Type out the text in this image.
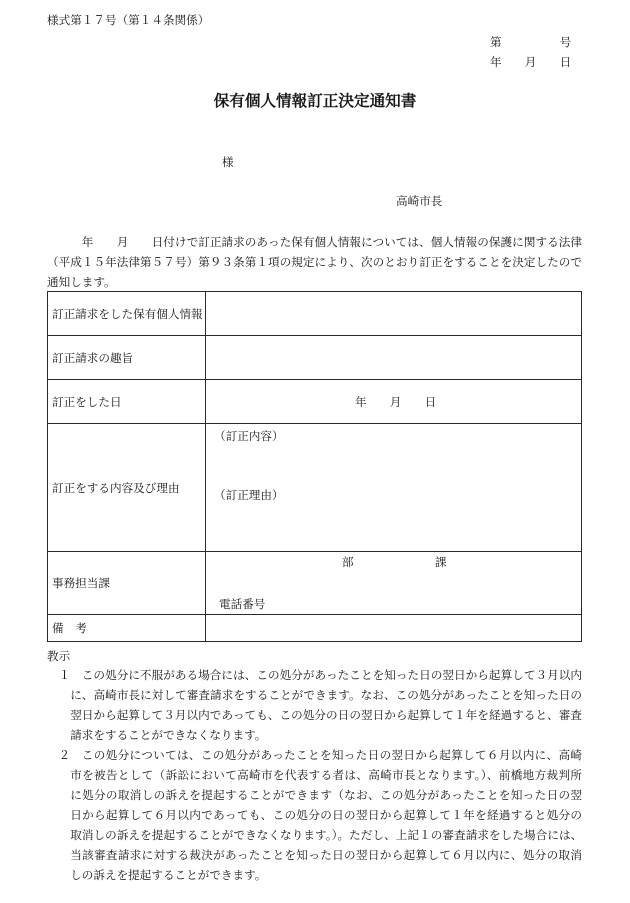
様式第１７号（第１４条関係）
第　　　　　号
年　　月　　日
保有個人情報訂正決定通知書
様
高崎市長
年　　月　　日付けで訂正請求のあった保有個人情報については、個人情報の保護に関する法律
（平成１５年法律第５７号）第９３条第１項の規定により、次のとおり訂正をすることを決定したので
通知します。
訂正請求をした保有個人情報
訂正請求の趣旨
訂正をした日	年　　月　　日
訂正をする内容及び理由
（訂正内容）
（訂正理由）
事務担当課
部	課
電話番号
備　考
教示
１ この処分に不服がある場合には、この処分があったことを知った日の翌日から起算して３月以内
に、高崎市長に対して審査請求をすることができます。なお、この処分があったことを知った日の
翌日から起算して３月以内であっても、この処分の日の翌日から起算して１年を経過すると、審査
請求をすることができなくなります。
２ この処分については、この処分があったことを知った日の翌日から起算して６月以内に、高崎
市を被告として（訴訟において高崎市を代表する者は、高崎市長となります。）、前橋地方裁判所
に処分の取消しの訴えを提起することができます（なお、この処分があったことを知った日の翌
日から起算して６月以内であっても、この処分の日の翌日から起算して１年を経過すると処分の
取消しの訴えを提起することができなくなります。）。ただし、上記１の審査請求をした場合には、
当該審査請求に対する裁決があったことを知った日の翌日から起算して６月以内に、処分の取消
しの訴えを提起することができます。
